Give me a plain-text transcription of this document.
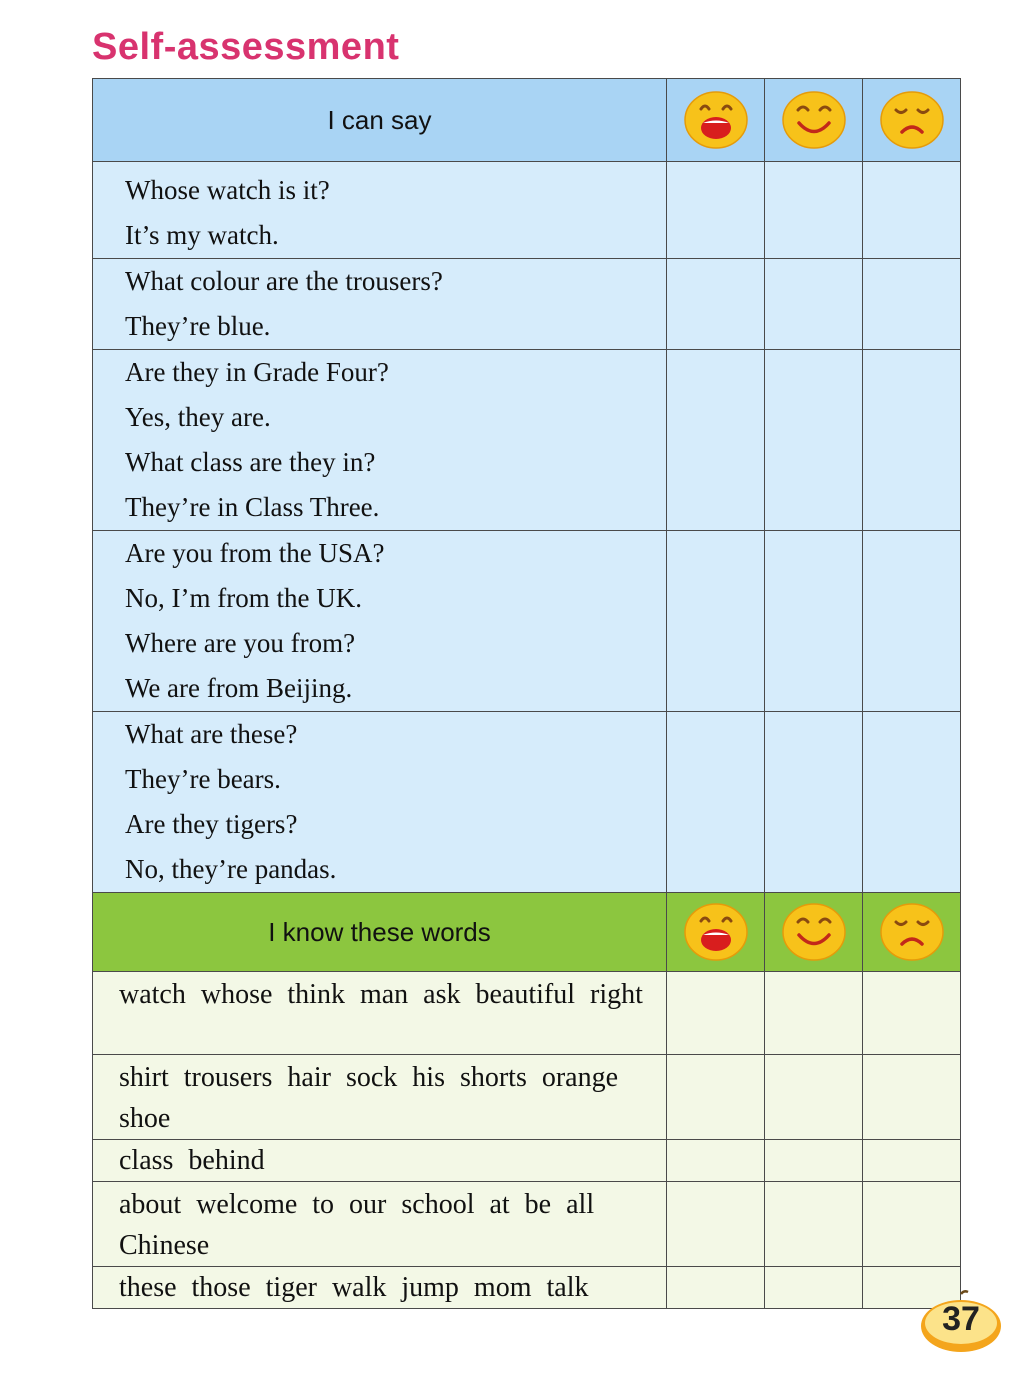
Self-assessment
I can say			

Whose watch is it?
It’s my watch.			

What colour are the trousers?
They’re blue.			

Are they in Grade Four?
Yes, they are.
What class are they in?
They’re in Class Three.			

Are you from the USA?
No, I’m from the UK.
Where are you from?
We are from Beijing.			

What are these?
They’re bears.
Are they tigers?
No, they’re pandas.			

I know these words			

watch whose think man ask beautiful right			

shirt trousers hair sock his shorts orange shoe			

class behind			

about welcome to our school at be all Chinese			

these those tiger walk jump mom talk			

37
